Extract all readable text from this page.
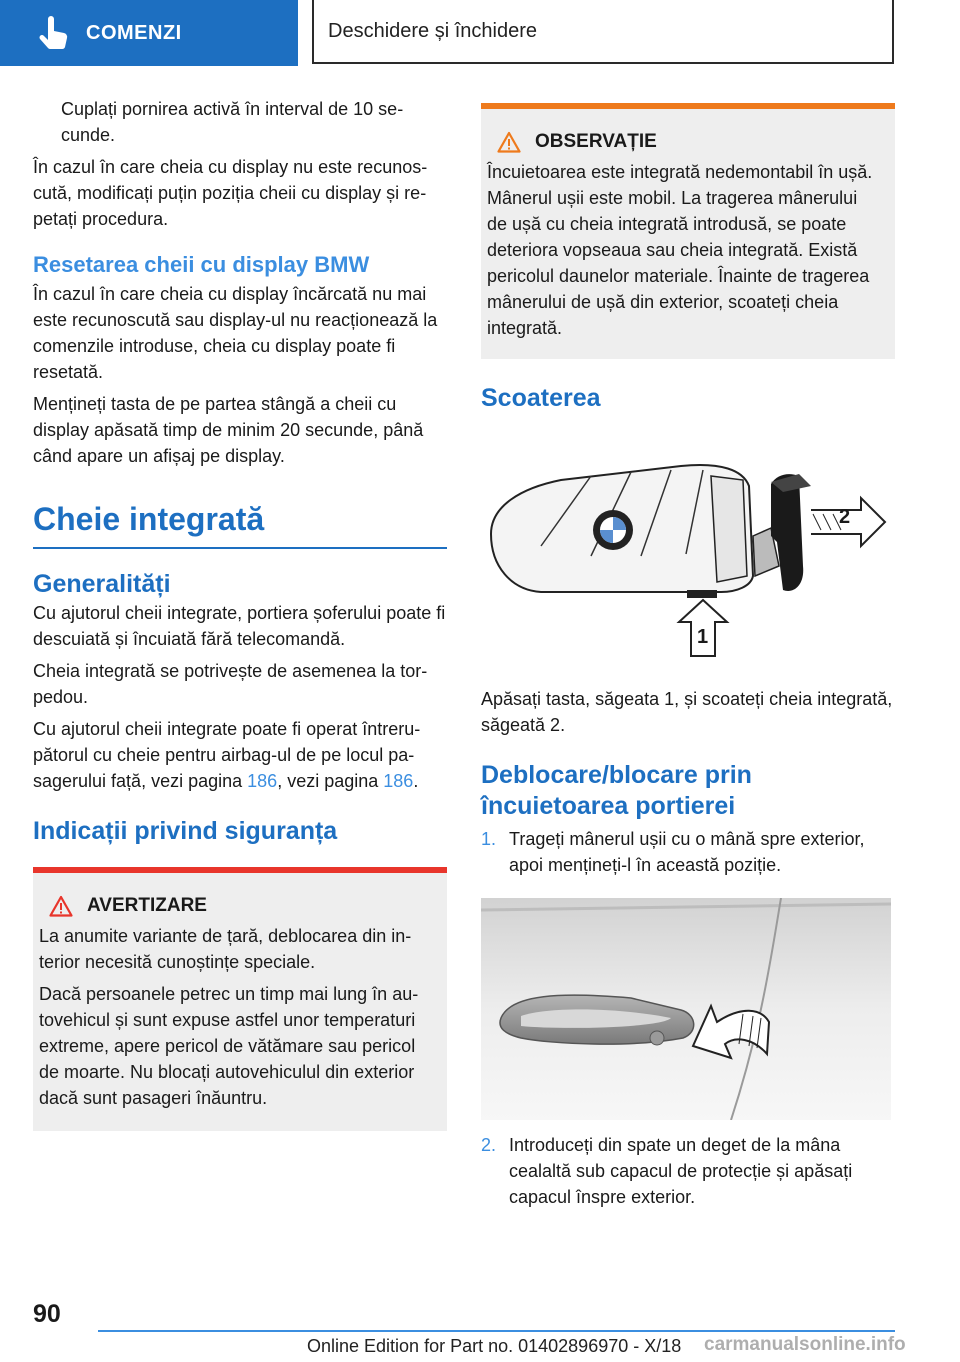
COMENZI	Deschidere și închidere

Cuplați pornirea activă în interval de 10 secunde.

În cazul în care cheia cu display nu este recunoscută, modificați puțin poziția cheii cu display și repetați procedura.

Resetarea cheii cu display BMW

În cazul în care cheia cu display încărcată nu mai este recunoscută sau display-ul nu reacționează la comenzile introduse, cheia cu display poate fi resetată.

Mențineți tasta de pe partea stângă a cheii cu display apăsată timp de minim 20 secunde, până când apare un afișaj pe display.

Cheie integrată
Generalități

Cu ajutorul cheii integrate, portiera șoferului poate fi descuiată și încuiată fără telecomandă.

Cheia integrată se potrivește de asemenea la torpedou.

Cu ajutorul cheii integrate poate fi operat întrerupătorul cu cheie pentru airbag-ul de pe locul pasagerului față, vezi pagina 186, vezi pagina 186.

Indicații privind siguranța
AVERTIZARE

La anumite variante de țară, deblocarea din interior necesită cunoștințe speciale.

Dacă persoanele petrec un timp mai lung în autovehicul și sunt expuse astfel unor temperaturi extreme, apere pericol de vătămare sau pericol de moarte. Nu blocați autovehiculul din exterior dacă sunt pasageri înăuntru.

OBSERVAȚIE

Încuietoarea este integrată nedemontabil în ușă. Mânerul ușii este mobil. La tragerea mânerului de ușă cu cheia integrată introdusă, se poate deteriora vopseaua sau cheia integrată. Există pericolul daunelor materiale. Înainte de tragerea mânerului de ușă din exterior, scoateți cheia integrată.

Scoaterea
2
1

Apăsați tasta, săgeata 1, și scoateți cheia integrată, săgeată 2.

Deblocare/blocare prin încuietoarea portierei
1. Trageți mânerul ușii cu o mână spre exterior, apoi mențineți-l în această poziție.
2. Introduceți din spate un deget de la mâna cealaltă sub capacul de protecție și apăsați capacul înspre exterior.
90
Online Edition for Part no. 01402896970 - X/18 carmanualsonline.info
